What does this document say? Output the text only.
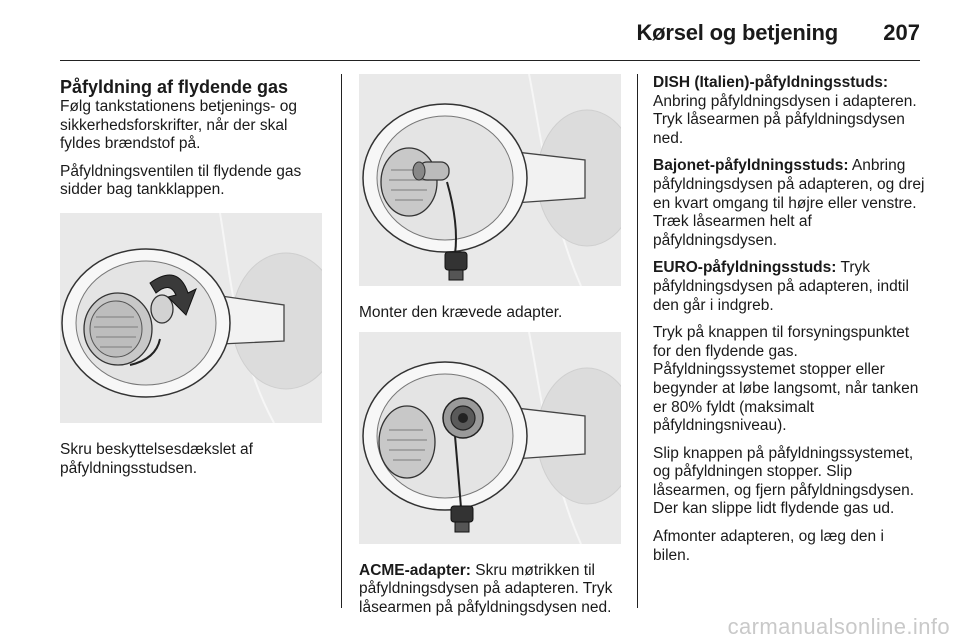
Kørsel og betjening 207
Påfyldning af flydende gas

Følg tankstationens betjenings- og sikkerhedsforskrifter, når der skal fyldes brændstof på.

Påfyldningsventilen til flydende gas sidder bag tankklappen.

Skru beskyttelsesdækslet af påfyldningsstudsen.

Monter den krævede adapter.

ACME-adapter: Skru møtrikken til påfyldningsdysen på adapteren. Tryk låsearmen på påfyldningsdysen ned.

DISH (Italien)-påfyldningsstuds: Anbring påfyldningsdysen i adapteren. Tryk låsearmen på påfyldningsdysen ned.

Bajonet-påfyldningsstuds: Anbring påfyldningsdysen på adapteren, og drej en kvart omgang til højre eller venstre. Træk låsearmen helt af påfyldningsdysen.

EURO-påfyldningsstuds: Tryk påfyldningsdysen på adapteren, indtil den går i indgreb.

Tryk på knappen til forsyningspunktet for den flydende gas. Påfyldningssystemet stopper eller begynder at løbe langsomt, når tanken er 80% fyldt (maksimalt påfyldningsniveau).

Slip knappen på påfyldningssystemet, og påfyldningen stopper. Slip låsearmen, og fjern påfyldningsdysen. Der kan slippe lidt flydende gas ud.

Afmonter adapteren, og læg den i bilen.

carmanualsonline.info
